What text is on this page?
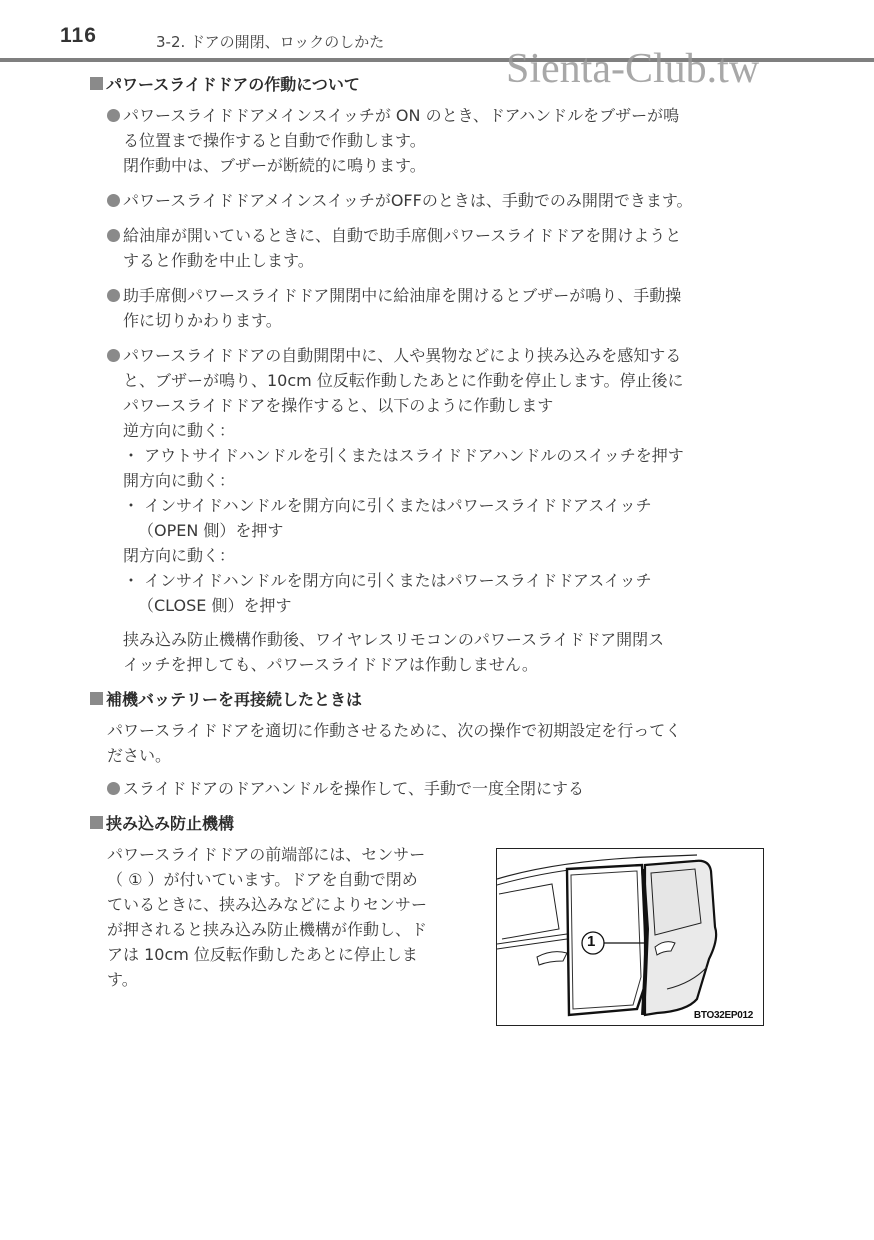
116	3-2. ドアの開閉、ロックのしかた
Sienta-Club.tw
パワースライドドアの作動について
パワースライドドアメインスイッチが ON のとき、ドアハンドルをブザーが鳴
る位置まで操作すると自動で作動します。
閉作動中は、ブザーが断続的に鳴ります。
パワースライドドアメインスイッチがOFFのときは、手動でのみ開閉できます。
給油扉が開いているときに、自動で助手席側パワースライドドアを開けようと
すると作動を中止します。
助手席側パワースライドドア開閉中に給油扉を開けるとブザーが鳴り、手動操
作に切りかわります。
パワースライドドアの自動開閉中に、人や異物などにより挟み込みを感知する
と、ブザーが鳴り、10cm 位反転作動したあとに作動を停止します。停止後に
パワースライドドアを操作すると、以下のように作動します
逆方向に動く：
・ アウトサイドハンドルを引くまたはスライドドアハンドルのスイッチを押す
開方向に動く：
・ インサイドハンドルを開方向に引くまたはパワースライドドアスイッチ
（OPEN 側）を押す
閉方向に動く：
・ インサイドハンドルを閉方向に引くまたはパワースライドドアスイッチ
（CLOSE 側）を押す
挟み込み防止機構作動後、ワイヤレスリモコンのパワースライドドア開閉ス
イッチを押しても、パワースライドドアは作動しません。
補機バッテリーを再接続したときは
パワースライドドアを適切に作動させるために、次の操作で初期設定を行ってく
ださい。
スライドドアのドアハンドルを操作して、手動で一度全閉にする
挟み込み防止機構
パワースライドドアの前端部には、センサー
（ ① ）が付いています。ドアを自動で閉め
ているときに、挟み込みなどによりセンサー
が押されると挟み込み防止機構が作動し、ド
アは 10cm 位反転作動したあとに停止しま
す。
1
BTO32EP012
